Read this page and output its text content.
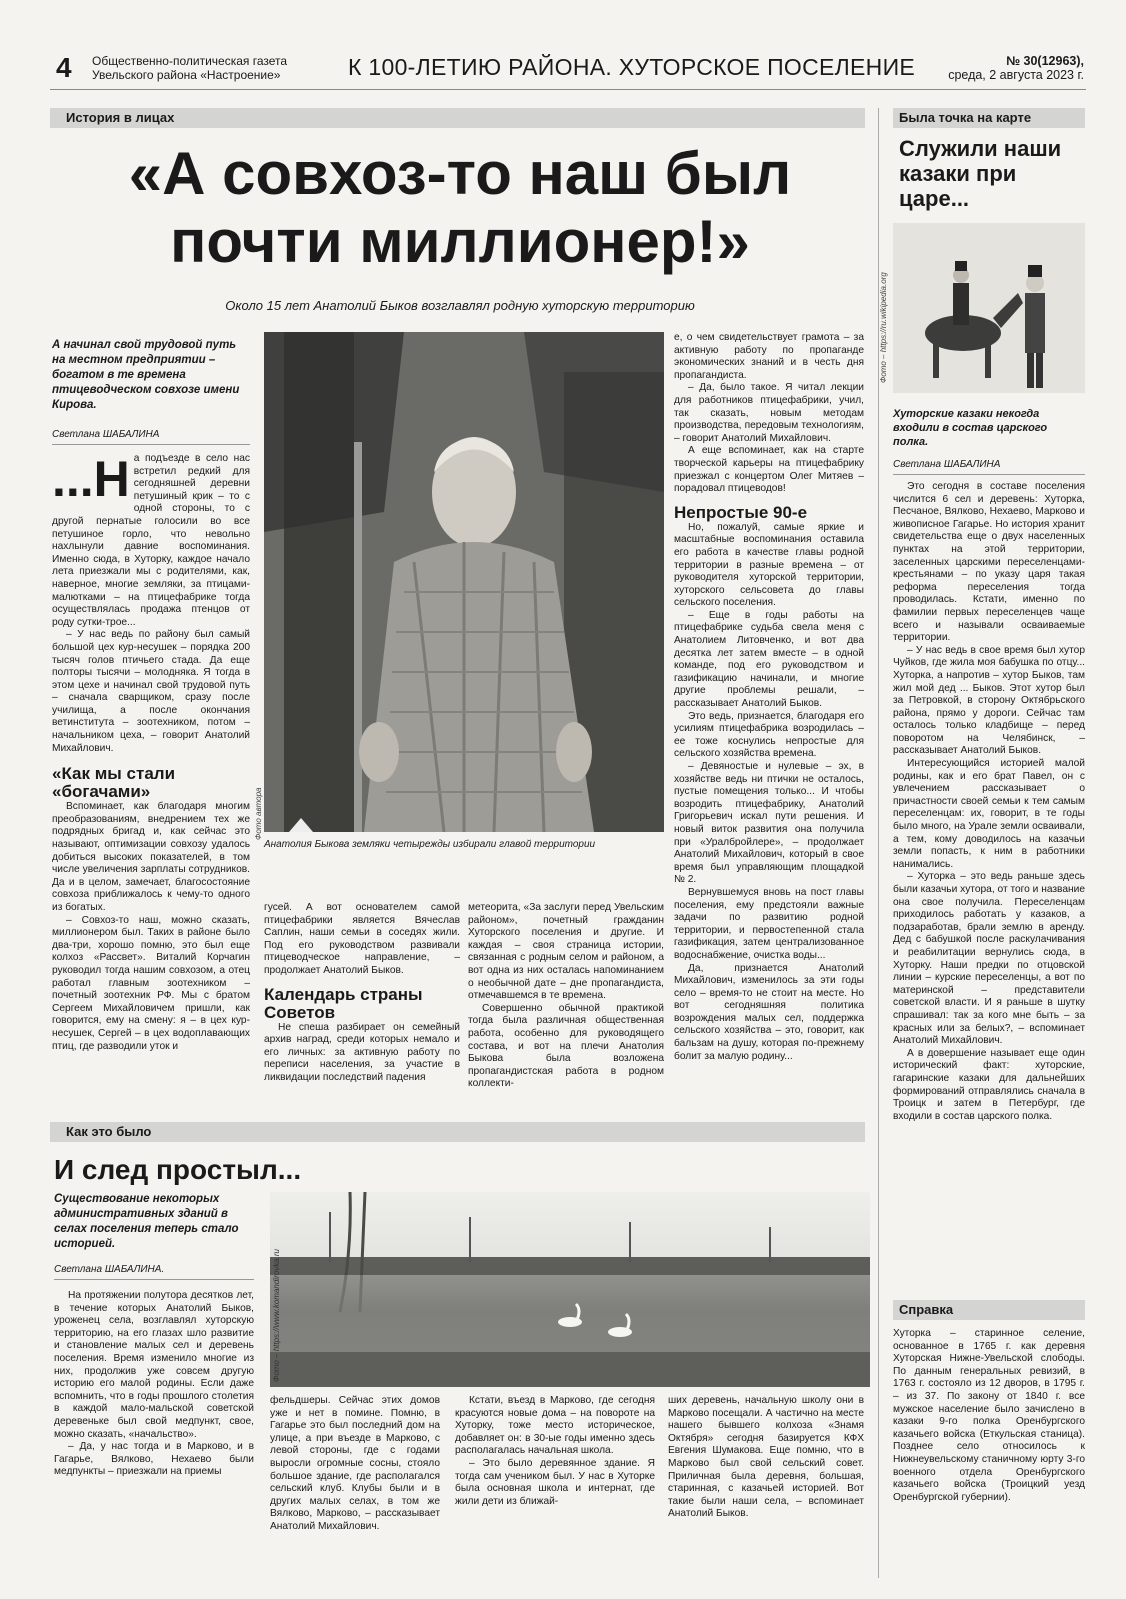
4 Общественно-политическая газета
Увельского района «Настроение»	К 100-ЛЕТИЮ РАЙОНА. ХУТОРСКОЕ ПОСЕЛЕНИЕ	№ 30(12963),
среда, 2 августа 2023 г.
История в лицах	Была точка на карте
«А совхоз-то наш был
почти миллионер!»
Около 15 лет Анатолий Быков возглавлял родную хуторскую территорию
А начинал свой трудовой путь на местном предприятии – богатом в те времена птицеводческом совхозе имени Кирова.
Светлана ШАБАЛИНА
...Н а подъезде в село нас встретил редкий для сегодняшней деревни петушиный крик – то с одной стороны, то с другой пернатые голосили во все петушиное горло, что невольно нахлынули давние воспоминания. Именно сюда, в Хуторку, каждое начало лета приезжали мы с родителями, как, наверное, многие земляки, за птицами-малютками – на птицефабрике тогда осуществлялась продажа птенцов от роду сутки-трое...
– У нас ведь по району был самый большой цех кур-несушек – порядка 200 тысяч голов птичьего стада. Да еще полторы тысячи – молодняка. Я тогда в этом цехе и начинал свой трудовой путь – сначала сварщиком, сразу после училища, а после окончания ветинститута – зоотехником, потом – начальником цеха, – говорит Анатолий Михайлович.
«Как мы стали «богачами»
Вспоминает, как благодаря многим преобразованиям, внедрением тех же подрядных бригад и, как сейчас это называют, оптимизации совхозу удалось добиться высоких показателей, в том числе увеличения зарплаты сотрудников. Да и в целом, замечает, благосостояние совхоза приближалось к чему-то одного из богатых.
– Совхоз-то наш, можно сказать, миллионером был. Таких в районе было два-три, хорошо помню, это был еще колхоз «Рассвет». Виталий Корчагин руководил тогда нашим совхозом, а отец работал главным зоотехником – почетный зоотехник РФ. Мы с братом Сергеем Михайловичем пришли, как говорится, ему на смену: я – в цех кур-несушек, Сергей – в цех водоплавающих птиц, где разводили уток и
Фото автора
Анатолия Быкова земляки четырежды избирали главой территории
е, о чем свидетельствует грамота – за активную работу по пропаганде экономических знаний и в честь дня пропагандиста.
– Да, было такое. Я читал лекции для работников птицефабрики, учил, так сказать, новым методам производства, передовым технологиям, – говорит Анатолий Михайлович.
А еще вспоминает, как на старте творческой карьеры на птицефабрику приезжал с концертом Олег Митяев – порадовал птицеводов!
Непростые 90-е
Но, пожалуй, самые яркие и масштабные воспоминания оставила его работа в качестве главы родной территории в разные времена – от руководителя хуторской территории, хуторского сельсовета до главы сельского поселения.
– Еще в годы работы на птицефабрике судьба свела меня с Анатолием Литовченко, и вот два десятка лет затем вместе – в одной команде, под его руководством и газификацию начинали, и многие другие проблемы решали, – рассказывает Анатолий Быков.
Это ведь, признается, благодаря его усилиям птицефабрика возродилась – ее тоже коснулись непростые для сельского хозяйства времена.
– Девяностые и нулевые – эх, в хозяйстве ведь ни птички не осталось, пустые помещения только... И чтобы возродить птицефабрику, Анатолий Григорьевич искал пути решения. И новый виток развития она получила при «Уралбройлере», – продолжает Анатолий Михайлович, который в свое время был управляющим площадкой № 2.
Вернувшемуся вновь на пост главы поселения, ему предстояли важные задачи по развитию родной территории, и первостепенной стала газификация, затем централизованное водоснабжение, очистка воды...
Да, признается Анатолий Михайлович, изменилось за эти годы село – время-то не стоит на месте. Но вот сегодняшняя политика возрождения малых сел, поддержка сельского хозяйства – это, говорит, как бальзам на душу, которая по-прежнему болит за малую родину...
гусей. А вот основателем самой птицефабрики является Вячеслав Саплин, наши семьи в соседях жили. Под его руководством развивали птицеводческое направление, – продолжает Анатолий Быков.
Календарь страны Советов
Не спеша разбирает он семейный архив наград, среди которых немало и его личных: за активную работу по переписи населения, за участие в ликвидации последствий падения
метеорита, «За заслуги перед Увельским районом», почетный гражданин Хуторского поселения и другие. И каждая – своя страница истории, связанная с родным селом и районом, а вот одна из них осталась напоминанием о необычной дате – дне пропагандиста, отмечавшемся в те времена.
Совершенно обычной практикой тогда была различная общественная работа, особенно для руководящего состава, и вот на плечи Анатолия Быкова была возложена пропагандистская работа в родном коллекти-
Служили наши казаки при царе...
Фото – https://ru.wikipedia.org
Хуторские казаки некогда входили в состав царского полка.
Светлана ШАБАЛИНА
Это сегодня в составе поселения числится 6 сел и деревень: Хуторка, Песчаное, Вялково, Нехаево, Марково и живописное Гагарье. Но история хранит свидетельства еще о двух населенных пунктах на этой территории, заселенных царскими переселенцами-крестьянами – по указу царя такая реформа переселения тогда проводилась. Кстати, именно по фамилии первых переселенцев чаще всего и называли осваиваемые территории.
– У нас ведь в свое время был хутор Чуйков, где жила моя бабушка по отцу... Хуторка, а напротив – хутор Быков, там жил мой дед ... Быков. Этот хутор был за Петровкой, в сторону Октябрьского района, прямо у дороги. Сейчас там осталось только кладбище – перед поворотом на Челябинск, – рассказывает Анатолий Быков.
Интересующийся историей малой родины, как и его брат Павел, он с увлечением рассказывает о причастности своей семьи к тем самым переселенцам: их, говорит, в те годы было много, на Урале земли осваивали, а тем, кому доводилось на казачьи земли попасть, к ним в работники нанимались.
– Хуторка – это ведь раньше здесь были казачьи хутора, от того и название она свое получила. Переселенцам приходилось работать у казаков, а подзаработав, брали землю в аренду. Дед с бабушкой после раскулачивания и реабилитации вернулись сюда, в Хуторку. Наши предки по отцовской линии – курские переселенцы, а вот по материнской – представители советской власти. И я раньше в шутку спрашивал: так за кого мне быть – за красных или за белых?, – вспоминает Анатолий Михайлович.
А в довершение называет еще один исторический факт: хуторские, гагаринские казаки для дальнейших формирований отправлялись сначала в Троицк и затем в Петербург, где входили в состав царского полка.
Справка
Хуторка – старинное селение, основанное в 1765 г. как деревня Хуторская Нижне-Увельской слободы. По данным генеральных ревизий, в 1763 г. состояло из 12 дворов, в 1795 г. – из 37. По закону от 1840 г. все мужское население было зачислено в казаки 9-го полка Оренбургского казачьего войска (Еткульская станица). Позднее село относилось к Нижнеувельскому станичному юрту 3-го военного отдела Оренбургского казачьего войска (Троицкий уезд Оренбургской губернии).
Как это было
И след простыл...
Существование некоторых административных зданий в селах поселения теперь стало историей.
Светлана ШАБАЛИНА.
На протяжении полутора десятков лет, в течение которых Анатолий Быков, уроженец села, возглавлял хуторскую территорию, на его глазах шло развитие и становление малых сел и деревень поселения. Время изменило многие из них, продолжив уже совсем другую историю его малой родины. Если даже вспомнить, что в годы прошлого столетия в каждой мало-мальской советской деревеньке был свой медпункт, свое, можно сказать, «начальство».
– Да, у нас тогда и в Марково, и в Гагарье, Вялково, Нехаево были медпункты – приезжали на приемы
Фото – https://www.komandirovka.ru
фельдшеры. Сейчас этих домов уже и нет в помине. Помню, в Гагарье это был последний дом на улице, а при въезде в Марково, с левой стороны, где с годами выросли огромные сосны, стояло большое здание, где располагался сельский клуб. Клубы были и в других малых селах, в том же Вялково, Марково, – рассказывает Анатолий Михайлович.
Кстати, въезд в Марково, где сегодня красуются новые дома – на повороте на Хуторку, тоже место историческое, добавляет он: в 30-ые годы именно здесь располагалась начальная школа.
– Это было деревянное здание. Я тогда сам учеником был. У нас в Хуторке была основная школа и интернат, где жили дети из ближай-
ших деревень, начальную школу они в Марково посещали. А частично на месте нашего бывшего колхоза «Знамя Октября» сегодня базируется КФХ Евгения Шумакова. Еще помню, что в Марково был свой сельский совет. Приличная была деревня, большая, старинная, с казачьей историей. Вот такие были наши села, – вспоминает Анатолий Быков.
